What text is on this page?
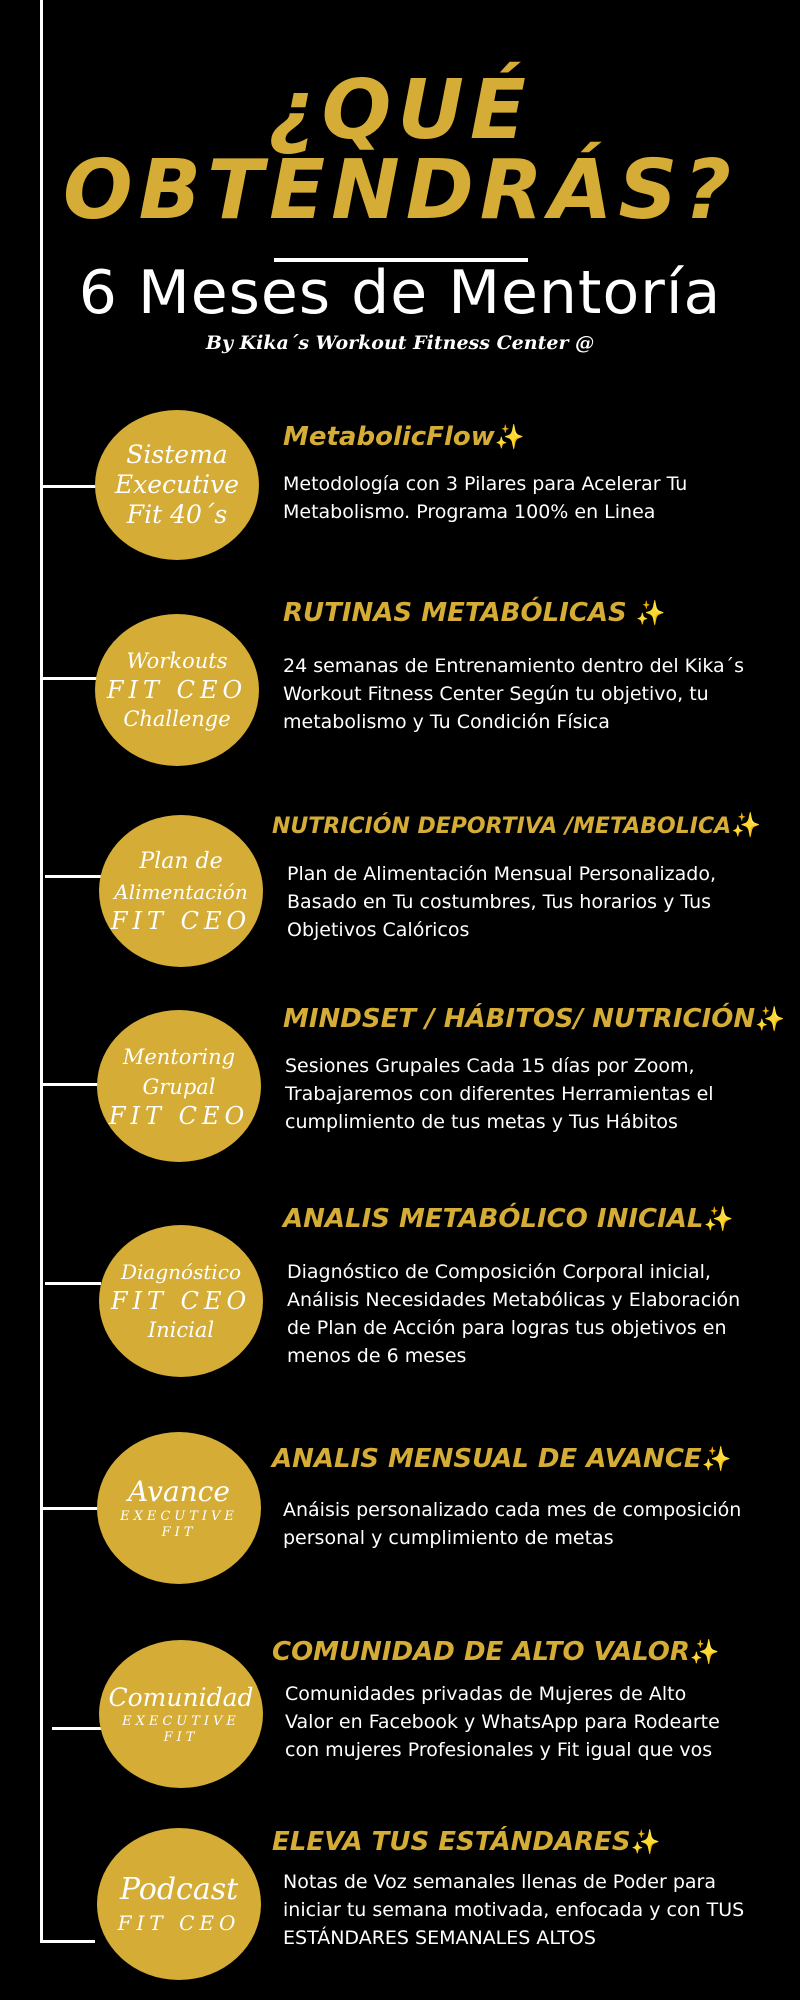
¿QUÉ
OBTENDRÁS?
6 Meses de Mentoría
By Kika´s Workout Fitness Center @
Sistema
Executive
Fit 40´s
MetabolicFlow✨
Metodología con 3 Pilares para Acelerar Tu
Metabolismo. Programa 100% en Linea
Workouts
FIT CEO
Challenge
RUTINAS METABÓLICAS ✨
24 semanas de Entrenamiento dentro del Kika´s
Workout Fitness Center Según tu objetivo, tu
metabolismo y Tu Condición Física
Plan de
Alimentación
FIT CEO
NUTRICIÓN DEPORTIVA /METABOLICA✨
Plan de Alimentación Mensual Personalizado,
Basado en Tu costumbres, Tus horarios y Tus
Objetivos Calóricos
Mentoring
Grupal
FIT CEO
MINDSET / HÁBITOS/ NUTRICIÓN✨
Sesiones Grupales Cada 15 días por Zoom,
Trabajaremos con diferentes Herramientas el
cumplimiento de tus metas y Tus Hábitos
Diagnóstico
FIT CEO
Inicial
ANALIS METABÓLICO INICIAL✨
Diagnóstico de Composición Corporal inicial,
Análisis Necesidades Metabólicas y Elaboración
de Plan de Acción para logras tus objetivos en
menos de 6 meses
Avance
EXECUTIVE
FIT
ANALIS MENSUAL DE AVANCE✨
Anáisis personalizado cada mes de composición
personal y cumplimiento de metas
Comunidad
EXECUTIVE
FIT
COMUNIDAD DE ALTO VALOR✨
Comunidades privadas de Mujeres de Alto
Valor en Facebook y WhatsApp para Rodearte
con mujeres Profesionales y Fit igual que vos
Podcast
FIT CEO
ELEVA TUS ESTÁNDARES✨
Notas de Voz semanales llenas de Poder para
iniciar tu semana motivada, enfocada y con TUS
ESTÁNDARES SEMANALES ALTOS
